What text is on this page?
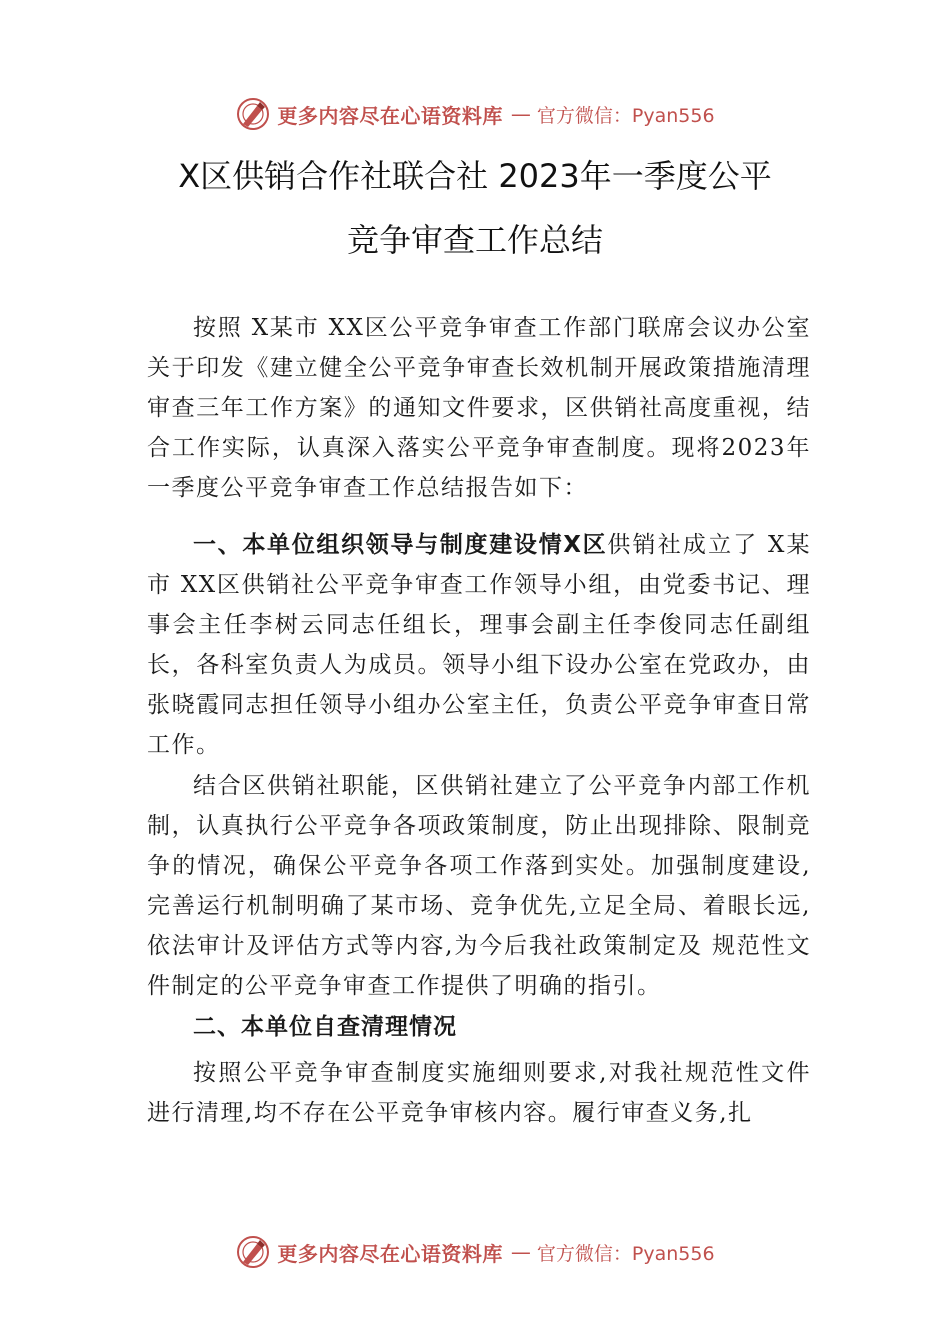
更多内容尽在心语资料库 — 官方微信：Pyan556
X区供销合作社联合社 2023年一季度公平
竞争审查工作总结

按照 X某市 XX区公平竞争审查工作部门联席会议办公室关于印发《建立健全公平竞争审查长效机制开展政策措施清理审查三年工作方案》的通知文件要求，区供销社高度重视，结合工作实际，认真深入落实公平竞争审查制度。现将2023年一季度公平竞争审查工作总结报告如下：

一、本单位组织领导与制度建设情X区供销社成立了 X某市 XX区供销社公平竞争审查工作领导小组，由党委书记、理事会主任李树云同志任组长，理事会副主任李俊同志任副组长，各科室负责人为成员。领导小组下设办公室在党政办，由张晓霞同志担任领导小组办公室主任，负责公平竞争审查日常工作。

结合区供销社职能，区供销社建立了公平竞争内部工作机制，认真执行公平竞争各项政策制度，防止出现排除、限制竞争的情况，确保公平竞争各项工作落到实处。加强制度建设,完善运行机制明确了某市场、竞争优先,立足全局、着眼长远,依法审计及评估方式等内容,为今后我社政策制定及 规范性文件制定的公平竞争审查工作提供了明确的指引。

二、本单位自查清理情况

按照公平竞争审查制度实施细则要求,对我社规范性文件进行清理,均不存在公平竞争审核内容。履行审查义务,扎

更多内容尽在心语资料库 — 官方微信：Pyan556
